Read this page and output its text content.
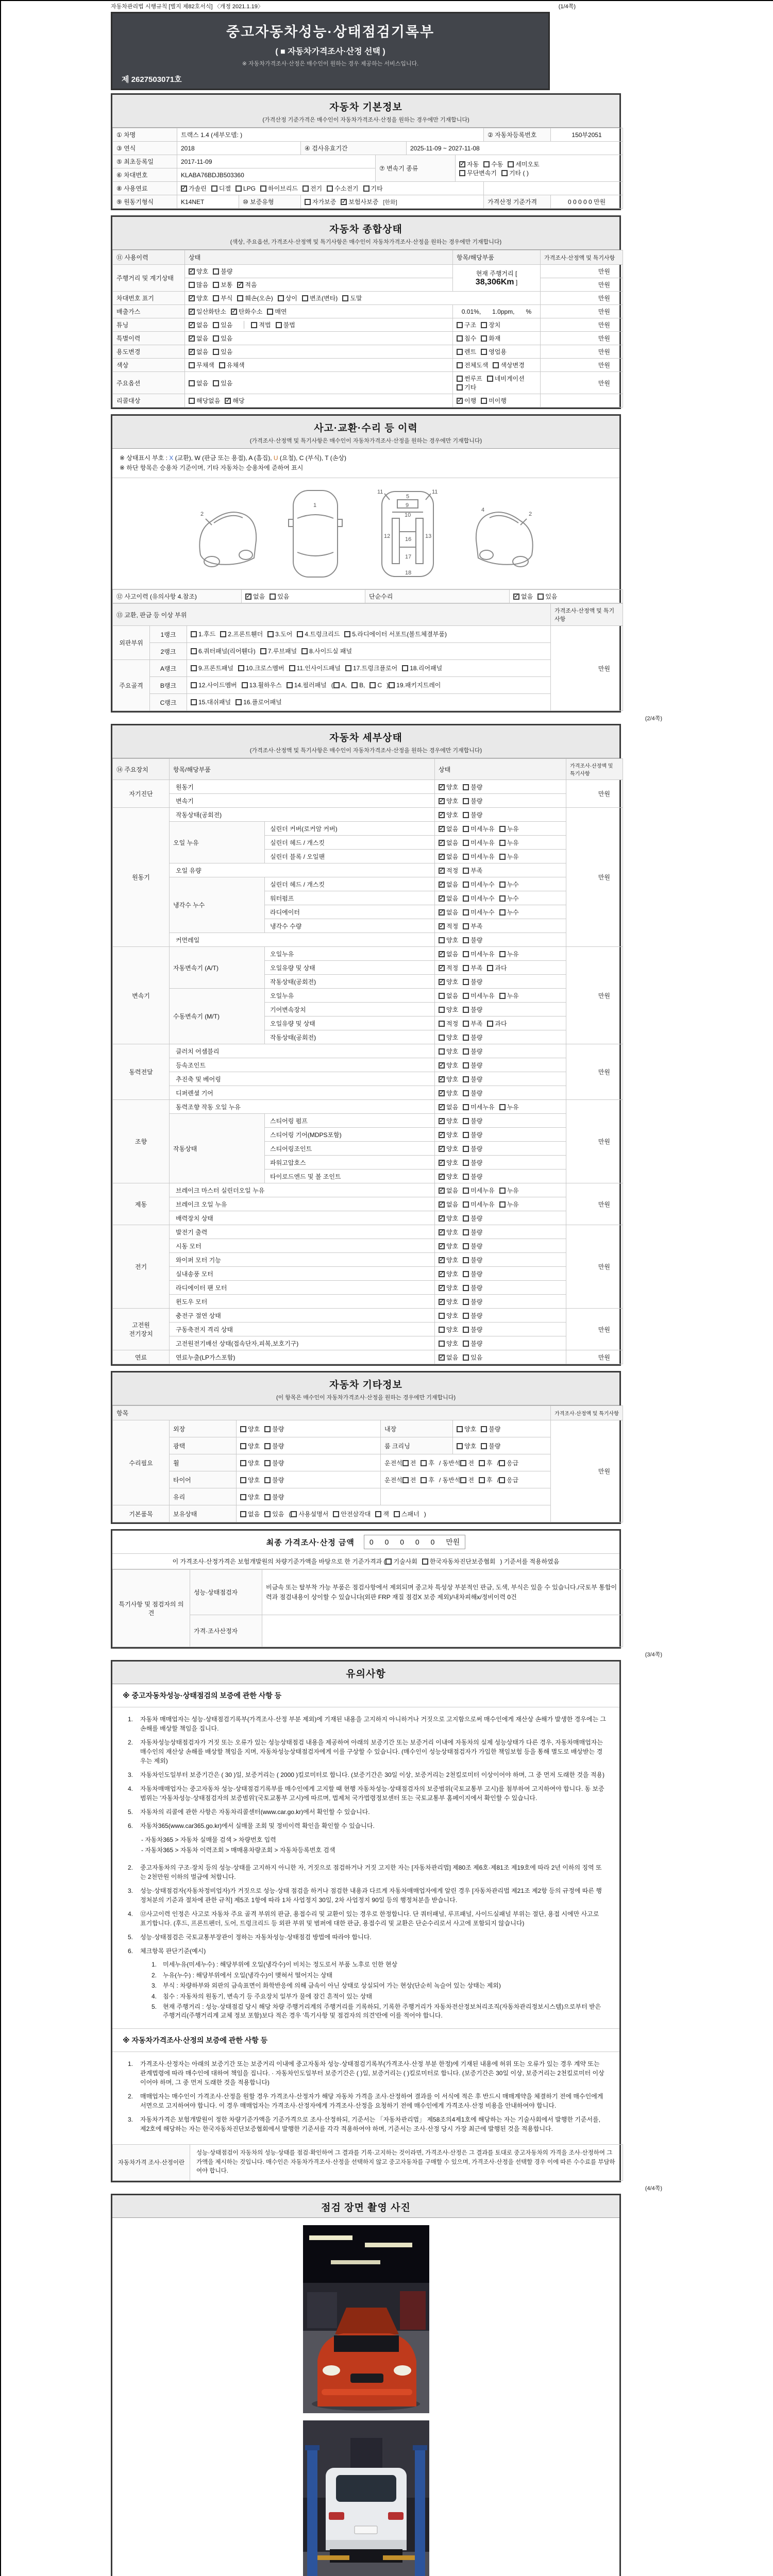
자동차관리법 시행규칙 [별지 제82호서식] 〈개정 2021.1.19〉	(1/4쪽)
중고자동차성능·상태점검기록부
( ■ 자동차가격조사·산정 선택 )
※ 자동차가격조사·산정은 매수인이 원하는 경우 제공하는 서비스입니다.
제 2627503071호
자동차 기본정보
(가격산정 기준가격은 매수인이 자동차가격조사·산정을 원하는 경우에만 기재합니다)
① 차명	트랙스 1.4 (세부모델: )						② 자동차등록번호	150부2051
③ 연식	2018		④ 검사유효기간		2025-11-09 ~ 2027-11-08			
⑤ 최초등록일	2017-11-09			⑦ 변속기 종류	
✓자동 수동 세미오토
무단변속기 기타 ( )

⑥ 차대번호	KLABA76BDJB503360							
⑧ 사용연료	✓가솔린 디젤 LPG 하이브리드 전기 수소전기 기타	
⑨ 원동기형식	K14NET	⑩ 보증유형	자가보증 ✓ 보험사보증 [한화]				가격산정 기준가격	0 0 0 0 0 만원
자동차 종합상태
(색상, 주요옵션, 가격조사·산정액 및 특기사항은 매수인이 자동차가격조사·산정을 원하는 경우에만 기재합니다)
⑪ 사용이력	상태	항목/해당부품	가격조사·산정액 및 특기사항
주행거리 및 계기상태	✓양호 불량	현재 주행거리 [ 38,306Km ]	만원
	많음 보통 ✓ 적음		만원
차대번호 표기	✓양호 부식 훼손(오손) 상이 변조(변타) 도말		만원
배출가스	✓일산화탄소 ✓ 탄화수소 매연	0.01%, 1.0ppm, %	만원
튜닝	✓없음 있음 적법 불법	구조 장치	만원
특별이력	✓없음 있음	침수 화재	만원
용도변경	✓없음 있음	렌트 영업용	만원
색상	무채색 유채색	전체도색 색상변경	만원
주요옵션	없음 있음	썬루프 네비게이션기타	만원
리콜대상	해당없음 ✓ 해당	✓이행 미이행	
사고·교환·수리 등 이력
(가격조사·산정액 및 특기사항은 매수인이 자동차가격조사·산정을 원하는 경우에만 기재합니다)
※ 상태표시 부호 : X (교환), W (판금 또는 용접), A (흠집), U (요철), C (부식), T (손상)
※ 하단 항목은 승용차 기준이며, 기타 자동차는 승용차에 준하여 표시
2
1
11	11
5
9
10
12	13
16
17
18
2
4
⑫ 사고이력 (유의사항 4.참조)	✓없음 있음	단순수리	✓없음 있음
⑬ 교환, 판금 등 이상 부위			가격조사·산정액 및 특기사항
외판부위	1랭크	1.후드 2.프론트휀더 3.도어 4.트렁크리드 5.라디에이터 서포트(볼트체결부품)	만원
	2랭크	6.쿼터패널(리어휀다) 7.루브패널 8.사이드실 패널	
주요골격	A랭크	9.프론트패널 10.크로스멤버 11.인사이드패널 17.트렁크플로어 18.리어패널	
	B랭크	12.사이드멤버 13.휠하우스 14.필러패널 ( A, B, C ) 19.패키지트레이	
	C랭크	15.대쉬패널 16.플로어패널	
(2/4쪽)
자동차 세부상태
(가격조사·산정액 및 특기사항은 매수인이 자동차가격조사·산정을 원하는 경우에만 기재합니다)
⑭ 주요장치	항목/해당부품		상태	가격조사·산정액 및 특기사항
자기진단	원동기	✓양호 불량	만원
	변속기	✓양호 불량
원동기	작동상태(공회전)	✓양호 불량	만원
	오일 누유	실린더 커버(로커암 커버)	✓없음 미세누유 누유
		실린더 헤드 / 개스킷	✓없음 미세누유 누유
		실린더 블록 / 오일팬	✓없음 미세누유 누유
	오일 유량	✓적정 부족
	냉각수 누수	실린더 헤드 / 개스킷	✓없음 미세누수 누수
		워터펌프	✓없음 미세누수 누수
		라디에이터	✓없음 미세누수 누수
		냉각수 수량	✓적정 부족
	커먼레일		양호 불량	
변속기	자동변속기 (A/T)	오일누유	✓없음 미세누유 누유	만원
		오일유량 및 상태	✓적정 부족 과다
		작동상태(공회전)	✓양호 불량
	수동변속기 (M/T)	오일누유	없음 미세누유 누유	
		기어변속장치	양호 불량	
		오일유량 및 상태	적정 부족 과다	
		작동상태(공회전)	양호 불량	
동력전달	클러치 어셈블리		양호 불량	만원
	등속조인트	✓양호 불량
	추진축 및 베어링	✓양호 불량
	디퍼렌셜 기어	✓양호 불량
조향	동력조향 작동 오일 누유	✓없음 미세누유 누유	만원
	작동상태	스티어링 펌프	✓양호 불량
		스티어링 기어(MDPS포함)	✓양호 불량
		스티어링조인트	✓양호 불량
		파워고압호스	✓양호 불량
		타이로드엔드 및 볼 조인트	✓양호 불량
제동	브레이크 마스터 실린더오일 누유	✓없음 미세누유 누유	만원
	브레이크 오일 누유	✓없음 미세누유 누유
	배력장치 상태	✓양호 불량
전기	발전기 출력	✓양호 불량	만원
	시동 모터	✓양호 불량
	와이퍼 모터 기능	✓양호 불량
	실내송풍 모터	✓양호 불량
	라디에이터 팬 모터	✓양호 불량
	윈도우 모터	✓양호 불량
고전원
전기장치	충전구 절연 상태		양호 불량	만원
	구동축전지 격리 상태		양호 불량	
	고전원전기배선 상태(접속단자,피복,보호기구)		양호 불량	
연료	연료누출(LP가스포함)	✓없음 있음	만원
자동차 기타정보
(이 항목은 매수인이 자동차가격조사·산정을 원하는 경우에만 기재합니다)
항목					가격조사·산정액 및 특기사항
수리필요	외장	양호 불량	내장	양호 불량	만원
	광택	양호 불량	룸 크리닝	양호 불량	
	휠	양호 불량	운전석 전 후 / 동반석 전 후 / 응급		
	타이어	양호 불량	운전석 전 후 / 동반석 전 후 / 응급		
	유리	양호 불량			
기본품목	보유상태	없음 있음 ( 사용설명서 안전삼각대 잭 스패너 )			
최종 가격조사·산정 금액	0 0 0 0 0 만원
이 가격조사·산정가격은 보험개발원의 차량기준가액을 바탕으로 한 기준가격과 ( 기술사회 한국자동차진단보증협회 ) 기준서를 적용하였음
특기사항 및 점검자의 의견	성능·상태점검자	비금속 또는 탈부착 가능 부품은 점검사항에서 제외되며 중고차 특성상 부분적인 판금, 도색, 부식은 있을 수 있습니다./국토부 통합이력과 점검내용이 상이할 수 있습니다(외판 FRP 재질 점검X 보증 제외)/내차피해x/정비이력 0건
	가격·조사산정자	
(3/4쪽)
유의사항
※ 중고자동차성능·상태점검의 보증에 관한 사항 등
1.	자동차 매매업자는 성능·상태점검기록부(가격조사·산정 부분 제외)에 기재된 내용을 고지하지 아니하거나 거짓으로 고지함으로써 매수인에게 재산상 손해가 발생한 경우에는 그 손해를 배상할 책임을 집니다.
2.	자동차성능상태점검자가 거짓 또는 오류가 있는 성능상태점검 내용을 제공하여 아래의 보증기간 또는 보증거리 이내에 자동차의 실제 성능상태가 다른 경우, 자동차매매업자는 매수인의 재산상 손해를 배상할 책임을 지며, 자동차성능상태점검자에게 이를 구상할 수 있습니다. (매수인이 성능상태점검자가 가입한 책임보험 등을 통해 별도로 배상받는 경우는 제외)
3.	자동차인도일부터 보증기간은 ( 30 )일, 보증거리는 ( 2000 )킬로미터로 합니다. (보증기간은 30일 이상, 보증거리는 2천킬로미터 이상이어야 하며, 그 중 먼저 도래한 것을 적용)
4.	자동차매매업자는 중고자동차 성능·상태점검기록부를 매수인에게 고지할 때 현행 자동차성능·상태점검자의 보증범위(국토교통부 고시)를 첨부하여 고지하여야 합니다. 동 보증범위는 '자동차성능·상태점검자의 보증범위'(국토교통부 고시)에 따르며, 법제처 국가법령정보센터 또는 국토교통부 홈페이지에서 확인할 수 있습니다.
5.	자동차의 리콜에 관한 사항은 자동차리콜센터(www.car.go.kr)에서 확인할 수 있습니다.
6.	자동차365(www.car365.go.kr)에서 실매물 조회 및 정비이력 확인을 확인할 수 있습니다.
- 자동차365 > 자동차 실매물 검색 > 차량번호 입력
- 자동차365 > 자동차 이력조회 > 매매용차량조회 > 자동차등록번호 검색
2.	중고자동차의 구조·장치 등의 성능·상태를 고지하지 아니한 자, 거짓으로 점검하거나 거짓 고지한 자는 [자동차관리법] 제80조 제6호·제81조 제19호에 따라 2년 이하의 징역 또는 2천만원 이하의 벌금에 처합니다.
3.	성능·상태점검자(자동차정비업자)가 거짓으로 성능·상태 점검을 하거나 점검한 내용과 다르게 자동차매매업자에게 알린 경우 [자동차관리법 제21조 제2항 등의 규정에 따른 행정처분의 기준과 절차에 관한 규칙] 제5조 1항에 따라 1차 사업정지 30일, 2차 사업정지 90일 등의 행정처분을 받습니다.
4.	⑫사고이력 인정은 사고로 자동차 주요 골격 부위의 판금, 용접수리 및 교환이 있는 경우로 한정합니다. 단 쿼터패널, 루프패널, 사이드실패널 부위는 절단, 용접 시에만 사고로 표기합니다. (후드, 프론트펜더, 도어, 트렁크리드 등 외판 부위 및 범퍼에 대한 판금, 용접수리 및 교환은 단순수리로서 사고에 포함되지 않습니다)
5.	성능·상태점검은 국토교통부장관이 정하는 자동차성능·상태점검 방법에 따라야 합니다.
6.	체크항목 판단기준(예시)
1. 미세누유(미세누수) : 해당부위에 오일(냉각수)이 비치는 정도로서 부품 노후로 인한 현상
2. 누유(누수) : 해당부위에서 오일(냉각수)이 맺혀서 떨어지는 상태
3. 부식 : 차량하부와 외판의 금속표면이 화학반응에 의해 금속이 아닌 상태로 상실되어 가는 현상(단순히 녹슬어 있는 상태는 제외)
4. 침수 : 자동차의 원동기, 변속기 등 주요장치 일부가 물에 잠긴 흔적이 있는 상태
5. 현재 주행거리 : 성능·상태점검 당시 해당 차량 주행거리계의 주행거리를 기록하되, 기록한 주행거리가 자동차전산정보처리조직(자동차관리정보시스템)으로부터 받은 주행거리(주행거리계 교체 정보 포함)보다 적은 경우 '특기사항 및 점검자의 의견'란에 이를 적어야 합니다.
※ 자동차가격조사·산정의 보증에 관한 사항 등
1.	가격조사·산정자는 아래의 보증기간 또는 보증거리 이내에 중고자동차 성능·상태점검기록부(가격조사·산정 부분 한정)에 기재된 내용에 허위 또는 오류가 있는 경우 계약 또는 관계법령에 따라 매수인에 대하여 책임을 집니다. · 자동차인도일부터 보증기간은 ( )일, 보증거리는 ( )킬로미터로 합니다. (보증기간은 30일 이상, 보증거리는 2천킬로미터 이상이어야 하며, 그 중 먼저 도래한 것을 적용합니다)
2.	매매업자는 매수인이 가격조사·산정을 원할 경우 가격조사·산정자가 해당 자동차 가격을 조사·산정하여 결과를 이 서식에 적은 후 반드시 매매계약을 체결하기 전에 매수인에게 서면으로 고지하여야 합니다. 이 경우 매매업자는 가격조사·산정자에게 가격조사·산정을 요청하기 전에 매수인에게 가격조사·산정 비용을 안내하여야 합니다.
3.	자동차가격은 보험개발원이 정한 차량기준가액을 기준가격으로 조사·산정하되, 기준서는 「자동차관리법」 제58조의4제1호에 해당하는 자는 기술사회에서 발행한 기준서를, 제2호에 해당하는 자는 한국자동차진단보증협회에서 발행한 기준서를 각각 적용하여야 하며, 기준서는 조사·산정 당시 가장 최근에 발행된 것을 적용합니다.
자동차가격 조사·산정이란	성능·상태점검이 자동차의 성능·상태를 점검·확인하여 그 결과를 기록·고지하는 것이라면, 가격조사·산정은 그 결과를 토대로 중고자동차의 가격을 조사·산정하여 그 가액을 제시하는 것입니다. 매수인은 자동차가격조사·산정을 선택하지 않고 중고자동차를 구매할 수 있으며, 가격조사·산정을 선택할 경우 이에 따른 수수료를 부담하여야 합니다.
(4/4쪽)
점검 장면 촬영 사진
